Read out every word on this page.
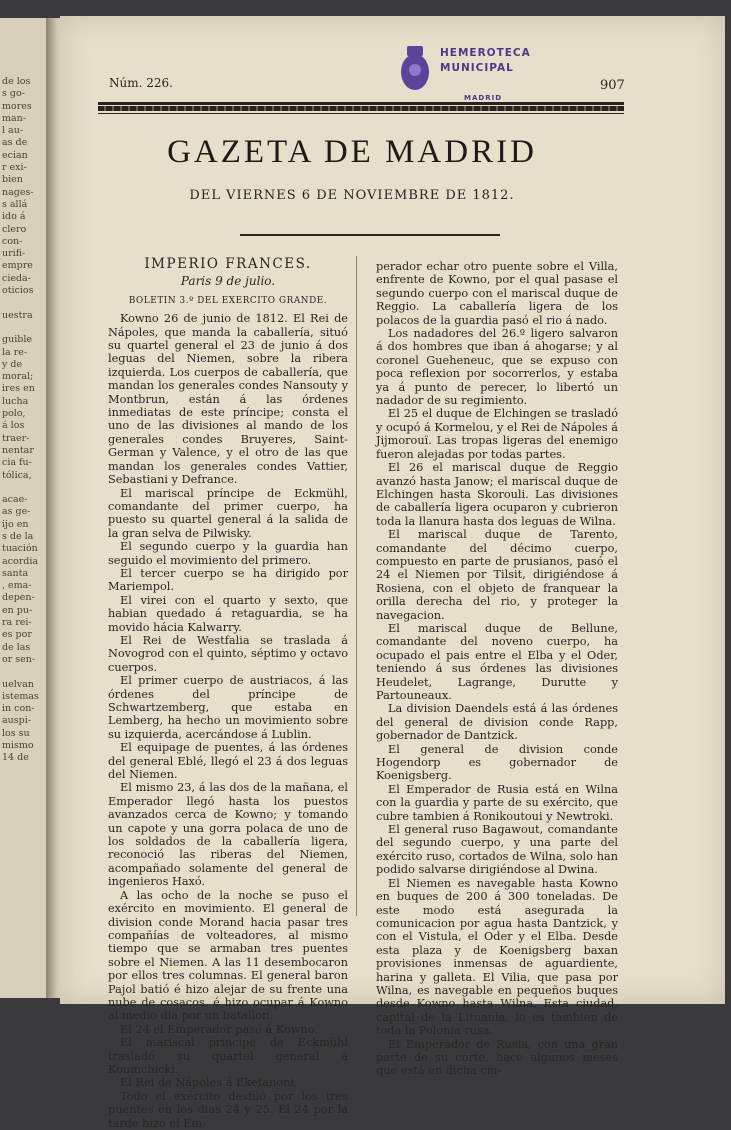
de los
s go-
mores
man-
l au-
as de
ecian
r exi-
bien
nages-
s allá
ido á
clero
con-
urifi-
empre
cieda-
oticios

uestra

guible
la re-
y de
moral;
ires en
lucha
polo,
á los
traer-
nentar
cia fu-
tólica,

acae-
as ge-
ijo en
s de la
tuación
acordia
santa
, ema-
depen-
en pu-
ra rei-
es por
de las
or sen-

uelvan
istemas
in con-
auspi-
los su
mismo
14 de
Núm. 226.
HEMEROTECA
MUNICIPAL
MADRID
907
GAZETA DE MADRID
DEL VIERNES 6 DE NOVIEMBRE DE 1812.
IMPERIO FRANCES.
Paris 9 de julio.
BOLETIN 3.º DEL EXERCITO GRANDE.

Kowno 26 de junio de 1812. El Rei de Nápoles, que manda la caballería, situó su quartel general el 23 de junio á dos leguas del Niemen, sobre la ribera izquierda. Los cuerpos de caballería, que mandan los generales condes Nansouty y Montbrun, están á las órdenes inmediatas de este príncipe; consta el uno de las divisiones al mando de los generales condes Bruyeres, Saint-German y Valence, y el otro de las que mandan los generales condes Vattier, Sebastiani y Defrance.

El mariscal príncipe de Eckmühl, comandante del primer cuerpo, ha puesto su quartel general á la salida de la gran selva de Pilwisky.

El segundo cuerpo y la guardia han seguido el movimiento del primero.

El tercer cuerpo se ha dirigido por Mariempol.

El virei con el quarto y sexto, que habian quedado á retaguardia, se ha movido hácia Kalwarry.

El Rei de Westfalia se traslada á Novogrod con el quinto, séptimo y octavo cuerpos.

El primer cuerpo de austriacos, á las órdenes del príncipe de Schwartzemberg, que estaba en Lemberg, ha hecho un movimiento sobre su izquierda, acercándose á Lublin.

El equipage de puentes, á las órdenes del general Eblé, llegó el 23 á dos leguas del Niemen.

El mismo 23, á las dos de la mañana, el Emperador llegó hasta los puestos avanzados cerca de Kowno; y tomando un capote y una gorra polaca de uno de los soldados de la caballería ligera, reconoció las riberas del Niemen, acompañado solamente del general de ingenieros Haxó.

A las ocho de la noche se puso el exército en movimiento. El general de division conde Morand hacia pasar tres compañías de volteadores, al mismo tiempo que se armaban tres puentes sobre el Niemen. A las 11 desembocaron por ellos tres columnas. El general baron Pajol batió é hizo alejar de su frente una nube de cosacos, é hizo ocupar á Kowno al medio dia por un batallon.

El 24 el Emperador pasó á Kowno.

El mariscal príncipe de Eckmühl trasladó su quartel general á Koumchicki.

El Rei de Nápoles á Eketanoni.

Todo el exército desfiló por los tres puentes en los dias 24 y 25. El 24 por la tarde hizo el Em-

perador echar otro puente sobre el Villa, enfrente de Kowno, por el qual pasase el segundo cuerpo con el mariscal duque de Reggio. La caballería ligera de los polacos de la guardia pasó el rio á nado.

Los nadadores del 26.º ligero salvaron á dos hombres que iban á ahogarse; y al coronel Gueheneuc, que se expuso con poca reflexion por socorrerlos, y estaba ya á punto de perecer, lo libertó un nadador de su regimiento.

El 25 el duque de Elchingen se trasladó y ocupó á Kormelou, y el Rei de Nápoles á Jijmorouï. Las tropas ligeras del enemigo fueron alejadas por todas partes.

El 26 el mariscal duque de Reggio avanzó hasta Janow; el mariscal duque de Elchingen hasta Skorouli. Las divisiones de caballería ligera ocuparon y cubrieron toda la llanura hasta dos leguas de Wilna.

El mariscal duque de Tarento, comandante del décimo cuerpo, compuesto en parte de prusianos, pasó el 24 el Niemen por Tilsit, dirigiéndose á Rosiena, con el objeto de franquear la orilla derecha del rio, y proteger la navegacion.

El mariscal duque de Bellune, comandante del noveno cuerpo, ha ocupado el pais entre el Elba y el Oder, teniendo á sus órdenes las divisiones Heudelet, Lagrange, Durutte y Partouneaux.

La division Daendels está á las órdenes del general de division conde Rapp, gobernador de Dantzick.

El general de division conde Hogendorp es gobernador de Koenigsberg.

El Emperador de Rusia está en Wilna con la guardia y parte de su exército, que cubre tambien á Ronikoutoui y Newtroki.

El general ruso Bagawout, comandante del segundo cuerpo, y una parte del exército ruso, cortados de Wilna, solo han podido salvarse dirigiéndose al Dwina.

El Niemen es navegable hasta Kowno en buques de 200 á 300 toneladas. De este modo está asegurada la comunicacion por agua hasta Dantzick, y con el Vistula, el Oder y el Elba. Desde esta plaza y de Koenigsberg baxan provisiones inmensas de aguardiente, harina y galleta. El Vilia, que pasa por Wilna, es navegable en pequeños buques desde Kowno hasta Wilna. Esta ciudad, capital de la Lituania, lo es tambien de toda la Polonia rusa.

El Emperador de Rusia, con una gran parte de su corte, hace algunos meses que está en dicha ciu-
